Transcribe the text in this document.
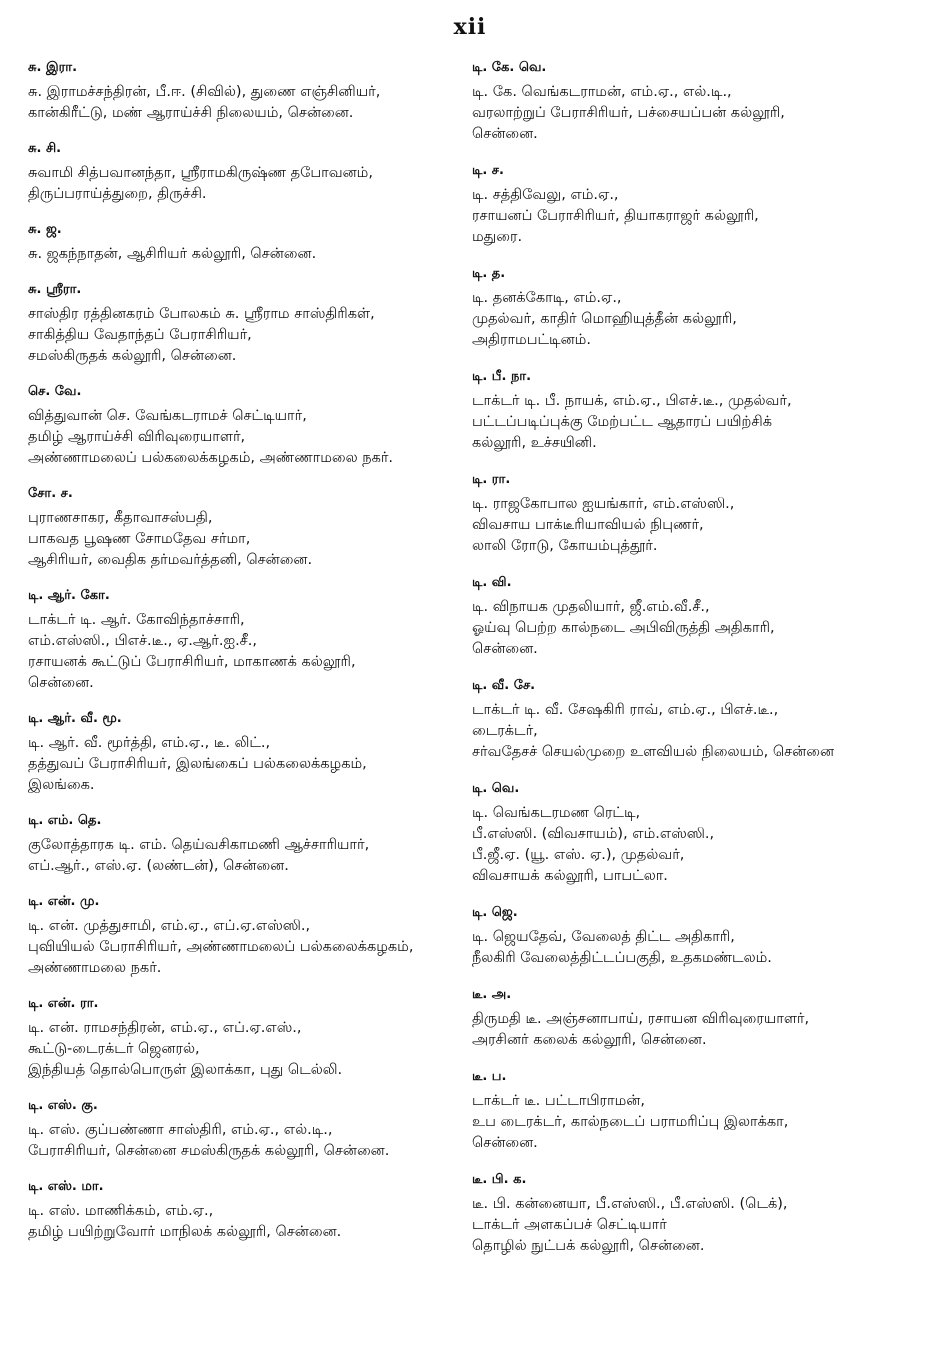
xii
சு. இரா.
சு. இராமச்சந்திரன், பீ.ஈ. (சிவில்), துணை எஞ்சினியர்,
கான்கிரீட்டு, மண் ஆராய்ச்சி நிலையம், சென்னை.
சு. சி.
சுவாமி சித்பவானந்தா, ஸ்ரீராமகிருஷ்ண தபோவனம்,
திருப்பராய்த்துறை, திருச்சி.
சு. ஜ.
சு. ஜகந்நாதன், ஆசிரியர் கல்லூரி, சென்னை.
சு. ஸ்ரீரா.
சாஸ்திர ரத்தினகரம் போலகம் சு. ஸ்ரீராம சாஸ்திரிகள்,
சாகித்திய வேதாந்தப் பேராசிரியர்,
சமஸ்கிருதக் கல்லூரி, சென்னை.
செ. வே.
வித்துவான் செ. வேங்கடராமச் செட்டியார்,
தமிழ் ஆராய்ச்சி விரிவுரையாளர்,
அண்ணாமலைப் பல்கலைக்கழகம், அண்ணாமலை நகர்.
சோ. ச.
புராணசாகர, கீதாவாசஸ்பதி,
பாகவத பூஷண சோமதேவ சர்மா,
ஆசிரியர், வைதிக தர்மவர்த்தனி, சென்னை.
டி. ஆர். கோ.
டாக்டர் டி. ஆர். கோவிந்தாச்சாரி,
எம்.எஸ்ஸி., பிஎச்.டீ., ஏ.ஆர்.ஐ.சீ.,
ரசாயனக் கூட்டுப் பேராசிரியர், மாகாணக் கல்லூரி,
சென்னை.
டி. ஆர். வீ. மூ.
டி. ஆர். வீ. மூர்த்தி, எம்.ஏ., டீ. லிட்.,
தத்துவப் பேராசிரியர், இலங்கைப் பல்கலைக்கழகம்,
இலங்கை.
டி. எம். தெ.
குலோத்தாரக டி. எம். தெய்வசிகாமணி ஆச்சாரியார்,
எப்.ஆர்., எஸ்.ஏ. (லண்டன்), சென்னை.
டி. என். மு.
டி. என். முத்துசாமி, எம்.ஏ., எப்.ஏ.எஸ்ஸி.,
புவியியல் பேராசிரியர், அண்ணாமலைப் பல்கலைக்கழகம்,
அண்ணாமலை நகர்.
டி. என். ரா.
டி. என். ராமசந்திரன், எம்.ஏ., எப்.ஏ.எஸ்.,
கூட்டு-டைரக்டர் ஜெனரல்,
இந்தியத் தொல்பொருள் இலாக்கா, புது டெல்லி.
டி. எஸ். கு.
டி. எஸ். குப்பண்ணா சாஸ்திரி, எம்.ஏ., எல்.டி.,
பேராசிரியர், சென்னை சமஸ்கிருதக் கல்லூரி, சென்னை.
டி. எஸ். மா.
டி. எஸ். மாணிக்கம், எம்.ஏ.,
தமிழ் பயிற்றுவோர் மாநிலக் கல்லூரி, சென்னை.
டி. கே. வெ.
டி. கே. வெங்கடராமன், எம்.ஏ., எல்.டி.,
வரலாற்றுப் பேராசிரியர், பச்சையப்பன் கல்லூரி,
சென்னை.
டி. ச.
டி. சத்திவேலு, எம்.ஏ.,
ரசாயனப் பேராசிரியர், தியாகராஜர் கல்லூரி,
மதுரை.
டி. த.
டி. தனக்கோடி, எம்.ஏ.,
முதல்வர், காதிர் மொஹியுத்தீன் கல்லூரி,
அதிராமபட்டினம்.
டி. பீ. நா.
டாக்டர் டி. பீ. நாயக், எம்.ஏ., பிஎச்.டீ., முதல்வர்,
பட்டப்படிப்புக்கு மேற்பட்ட ஆதாரப் பயிற்சிக்
கல்லூரி, உச்சயினி.
டி. ரா.
டி. ராஜகோபால ஐயங்கார், எம்.எஸ்ஸி.,
விவசாய பாக்டீரியாவியல் நிபுணர்,
லாலி ரோடு, கோயம்புத்தூர்.
டி. வி.
டி. விநாயக முதலியார், ஜீ.எம்.வீ.சீ.,
ஓய்வு பெற்ற கால்நடை அபிவிருத்தி அதிகாரி,
சென்னை.
டி. வீ. சே.
டாக்டர் டி. வீ. சேஷகிரி ராவ், எம்.ஏ., பிஎச்.டீ.,
டைரக்டர்,
சர்வதேசச் செயல்முறை உளவியல் நிலையம், சென்னை
டி. வெ.
டி. வெங்கடரமண ரெட்டி,
பீ.எஸ்ஸி. (விவசாயம்), எம்.எஸ்ஸி.,
பீ.ஜீ.ஏ. (யூ. எஸ். ஏ.), முதல்வர்,
விவசாயக் கல்லூரி, பாபட்லா.
டி. ஜெ.
டி. ஜெயதேவ், வேலைத் திட்ட அதிகாரி,
நீலகிரி வேலைத்திட்டப்பகுதி, உதகமண்டலம்.
டீ. அ.
திருமதி டீ. அஞ்சனாபாய், ரசாயன விரிவுரையாளர்,
அரசினர் கலைக் கல்லூரி, சென்னை.
டீ. ப.
டாக்டர் டீ. பட்டாபிராமன்,
உப டைரக்டர், கால்நடைப் பராமரிப்பு இலாக்கா,
சென்னை.
டீ. பி. க.
டீ. பி. கன்னையா, பீ.எஸ்ஸி., பீ.எஸ்ஸி. (டெக்),
டாக்டர் அளகப்பச் செட்டியார்
தொழில் நுட்பக் கல்லூரி, சென்னை.
